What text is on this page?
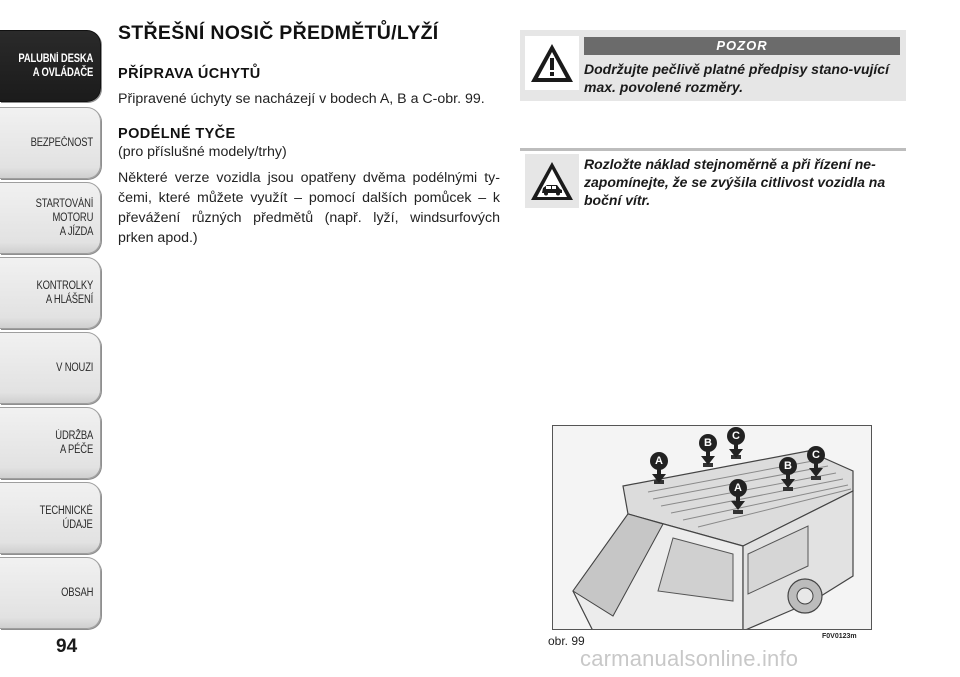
PALUBNÍ DESKA
A OVLÁDAČE
BEZPEČNOST
STARTOVÁNÍ
MOTORU
A JÍZDA
KONTROLKY
A HLÁŠENÍ
V NOUZI
ÚDRŽBA
A PÉČE
TECHNICKÉ
ÚDAJE
OBSAH
94
STŘEŠNÍ NOSIČ PŘEDMĚTŮ/LYŽÍ
PŘÍPRAVA ÚCHYTŮ

Připravené úchyty se nacházejí v bodech A, B a C-obr. 99.

PODÉLNÉ TYČE

(pro příslušné modely/trhy)

Některé verze vozidla jsou opatřeny dvěma podélnými ty-čemi, které můžete využít – pomocí dalších pomůcek – k převážení různých předmětů (např. lyží, windsurfových prken apod.)

POZOR
Dodržujte pečlivě platné předpisy stano-vující max. povolené rozměry.
Rozložte náklad stejnoměrně a při řízení ne-zapomínejte, že se zvýšila citlivost vozidla na boční vítr.
A
B
C
B
C
A
obr. 99	F0V0123m
carmanualsonline.info
